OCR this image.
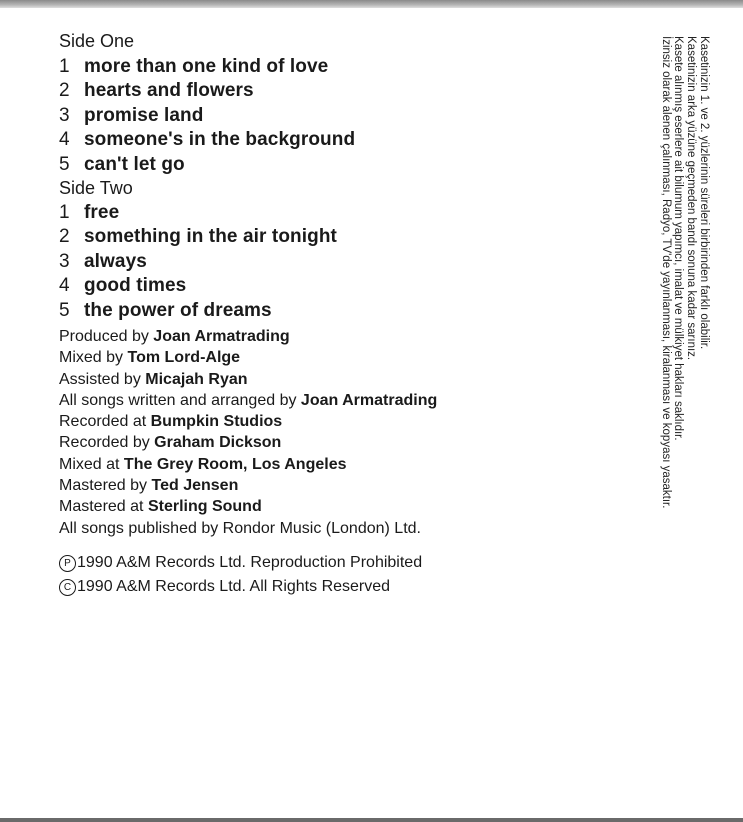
Side One
1 more than one kind of love
2 hearts and flowers
3 promise land
4 someone's in the background
5 can't let go
Side Two
1 free
2 something in the air tonight
3 always
4 good times
5 the power of dreams
Produced by Joan Armatrading
Mixed by Tom Lord-Alge
Assisted by Micajah Ryan
All songs written and arranged by Joan Armatrading
Recorded at Bumpkin Studios
Recorded by Graham Dickson
Mixed at The Grey Room, Los Angeles
Mastered by Ted Jensen
Mastered at Sterling Sound
All songs published by Rondor Music (London) Ltd.
P 1990 A&M Records Ltd. Reproduction Prohibited
C 1990 A&M Records Ltd. All Rights Reserved
Kasetinizin 1. ve 2. yüzlerinin süreleri birbirinden farklı olabilir.
Kasetinizin arka yüzüne geçmeden bandı sonuna kadar sarınız.
Kasete alınmış eserlere ait bilumum yapımcı, imalat ve mülkiyet hakları saklıdır.
İzinsiz olarak alenen çalınması, Radyo, TV'de yayınlanması, kiralanması ve kopyası yasaktır.
